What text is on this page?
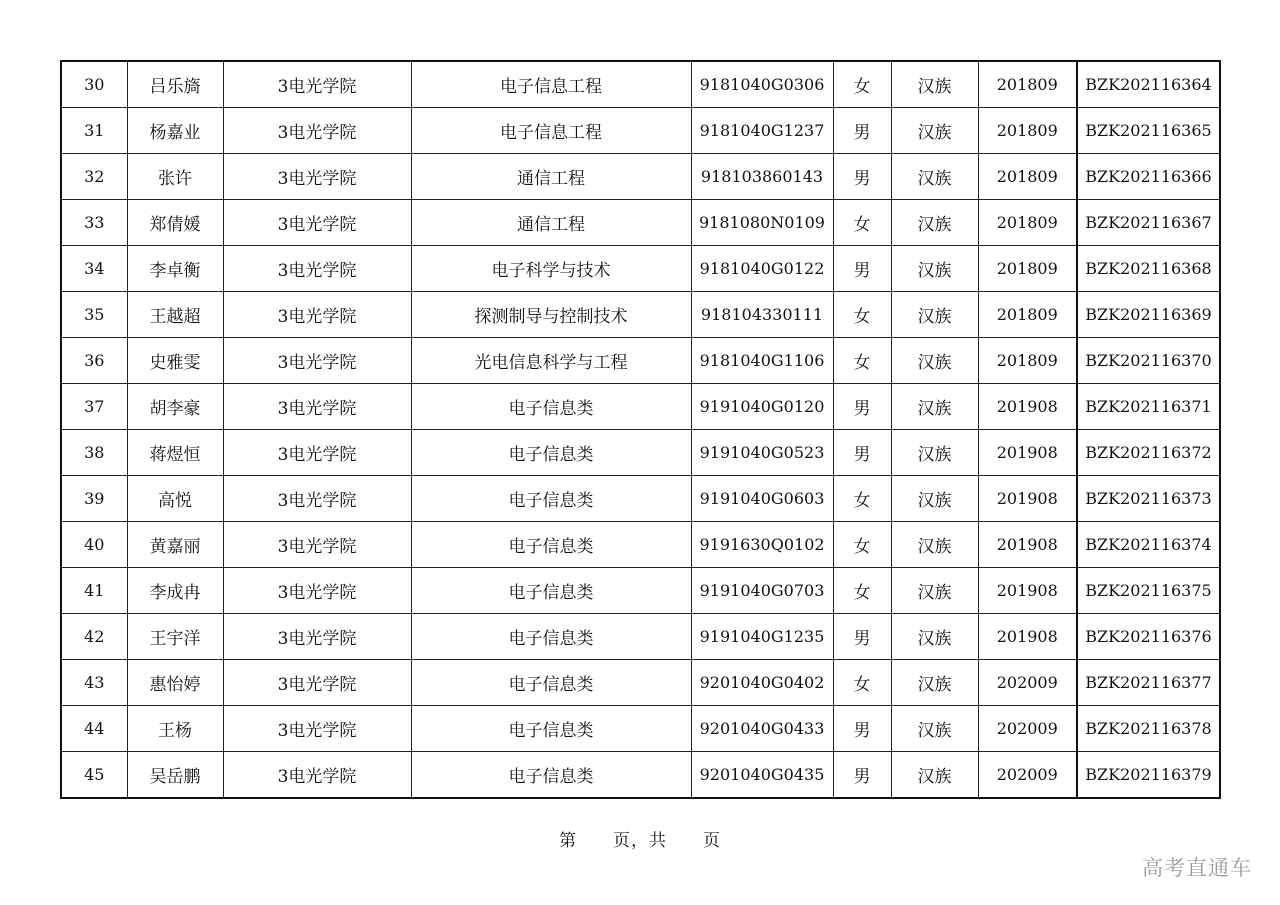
30	吕乐旖	3电光学院	电子信息工程	9181040G0306	女	汉族	201809	BZK202116364
31	杨嘉业	3电光学院	电子信息工程	9181040G1237	男	汉族	201809	BZK202116365
32	张许	3电光学院	通信工程	918103860143	男	汉族	201809	BZK202116366
33	郑倩媛	3电光学院	通信工程	9181080N0109	女	汉族	201809	BZK202116367
34	李卓衡	3电光学院	电子科学与技术	9181040G0122	男	汉族	201809	BZK202116368
35	王越超	3电光学院	探测制导与控制技术	918104330111	女	汉族	201809	BZK202116369
36	史雅雯	3电光学院	光电信息科学与工程	9181040G1106	女	汉族	201809	BZK202116370
37	胡李豪	3电光学院	电子信息类	9191040G0120	男	汉族	201908	BZK202116371
38	蒋煜恒	3电光学院	电子信息类	9191040G0523	男	汉族	201908	BZK202116372
39	高悦	3电光学院	电子信息类	9191040G0603	女	汉族	201908	BZK202116373
40	黄嘉丽	3电光学院	电子信息类	9191630Q0102	女	汉族	201908	BZK202116374
41	李成冉	3电光学院	电子信息类	9191040G0703	女	汉族	201908	BZK202116375
42	王宇洋	3电光学院	电子信息类	9191040G1235	男	汉族	201908	BZK202116376
43	惠怡婷	3电光学院	电子信息类	9201040G0402	女	汉族	202009	BZK202116377
44	王杨	3电光学院	电子信息类	9201040G0433	男	汉族	202009	BZK202116378
45	吴岳鹏	3电光学院	电子信息类	9201040G0435	男	汉族	202009	BZK202116379
第 页，共 页
高考直通车
